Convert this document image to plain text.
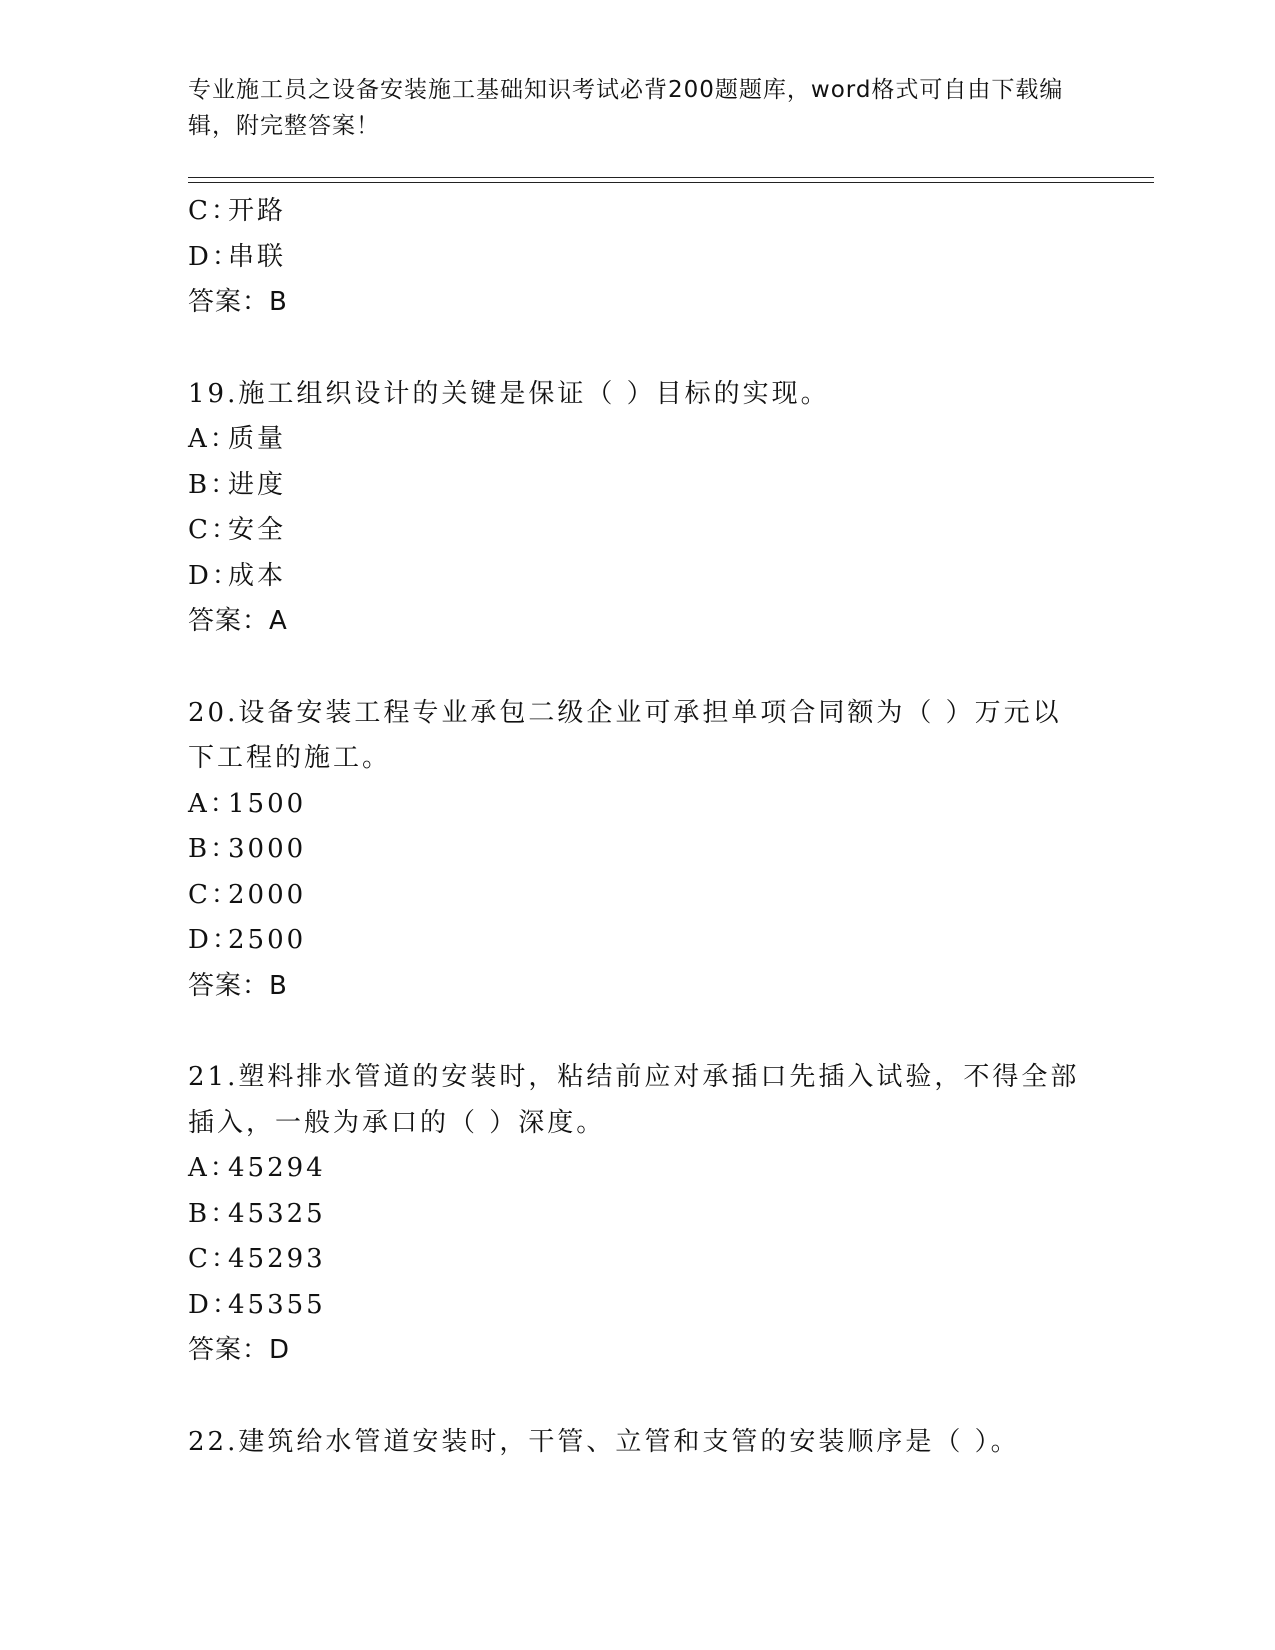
专业施工员之设备安装施工基础知识考试必背200题题库，word格式可自由下载编辑，附完整答案！
C：开路
D：串联
答案：B
19.施工组织设计的关键是保证（ ）目标的实现。
A：质量
B：进度
C：安全
D：成本
答案：A
20.设备安装工程专业承包二级企业可承担单项合同额为（ ）万元以
下工程的施工。
A：1500
B：3000
C：2000
D：2500
答案：B
21.塑料排水管道的安装时，粘结前应对承插口先插入试验，不得全部
插入，一般为承口的（ ）深度。
A：45294
B：45325
C：45293
D：45355
答案：D
22.建筑给水管道安装时，干管、立管和支管的安装顺序是（ ）。
